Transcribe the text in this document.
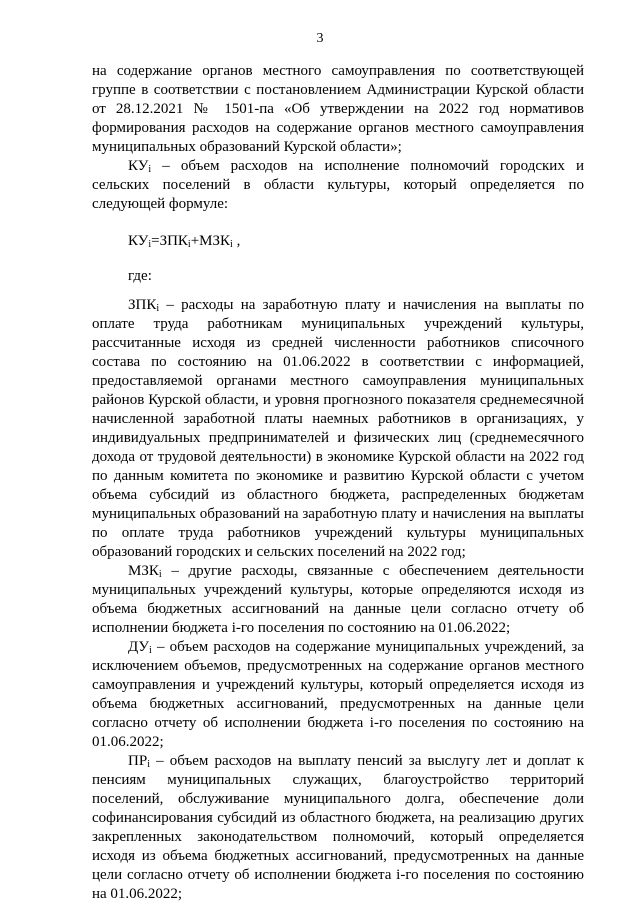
3

на содержание органов местного самоуправления по соответствующей группе в соответствии с постановлением Администрации Курской области от 28.12.2021 № 1501-па «Об утверждении на 2022 год нормативов формирования расходов на содержание органов местного самоуправления муниципальных образований Курской области»;

$КУ_i$ – объем расходов на исполнение полномочий городских и сельских поселений в области культуры, который определяется по следующей формуле:

$КУ_i=ЗПК_i+МЗК_i$ ,

где:

$ЗПК_i$ – расходы на заработную плату и начисления на выплаты по оплате труда работникам муниципальных учреждений культуры, рассчитанные исходя из средней численности работников списочного состава по состоянию на 01.06.2022 в соответствии с информацией, предоставляемой органами местного самоуправления муниципальных районов Курской области, и уровня прогнозного показателя среднемесячной начисленной заработной платы наемных работников в организациях, у индивидуальных предпринимателей и физических лиц (среднемесячного дохода от трудовой деятельности) в экономике Курской области на 2022 год по данным комитета по экономике и развитию Курской области с учетом объема субсидий из областного бюджета, распределенных бюджетам муниципальных образований на заработную плату и начисления на выплаты по оплате труда работников учреждений культуры муниципальных образований городских и сельских поселений на 2022 год;

$МЗК_i$ – другие расходы, связанные с обеспечением деятельности муниципальных учреждений культуры, которые определяются исходя из объема бюджетных ассигнований на данные цели согласно отчету об исполнении бюджета i-го поселения по состоянию на 01.06.2022;

$ДУ_i$ – объем расходов на содержание муниципальных учреждений, за исключением объемов, предусмотренных на содержание органов местного самоуправления и учреждений культуры, который определяется исходя из объема бюджетных ассигнований, предусмотренных на данные цели согласно отчету об исполнении бюджета i-го поселения по состоянию на 01.06.2022;

$ПР_i$ – объем расходов на выплату пенсий за выслугу лет и доплат к пенсиям муниципальных служащих, благоустройство территорий поселений, обслуживание муниципального долга, обеспечение доли софинансирования субсидий из областного бюджета, на реализацию других закрепленных законодательством полномочий, который определяется исходя из объема бюджетных ассигнований, предусмотренных на данные цели согласно отчету об исполнении бюджета i-го поселения по состоянию на 01.06.2022;
